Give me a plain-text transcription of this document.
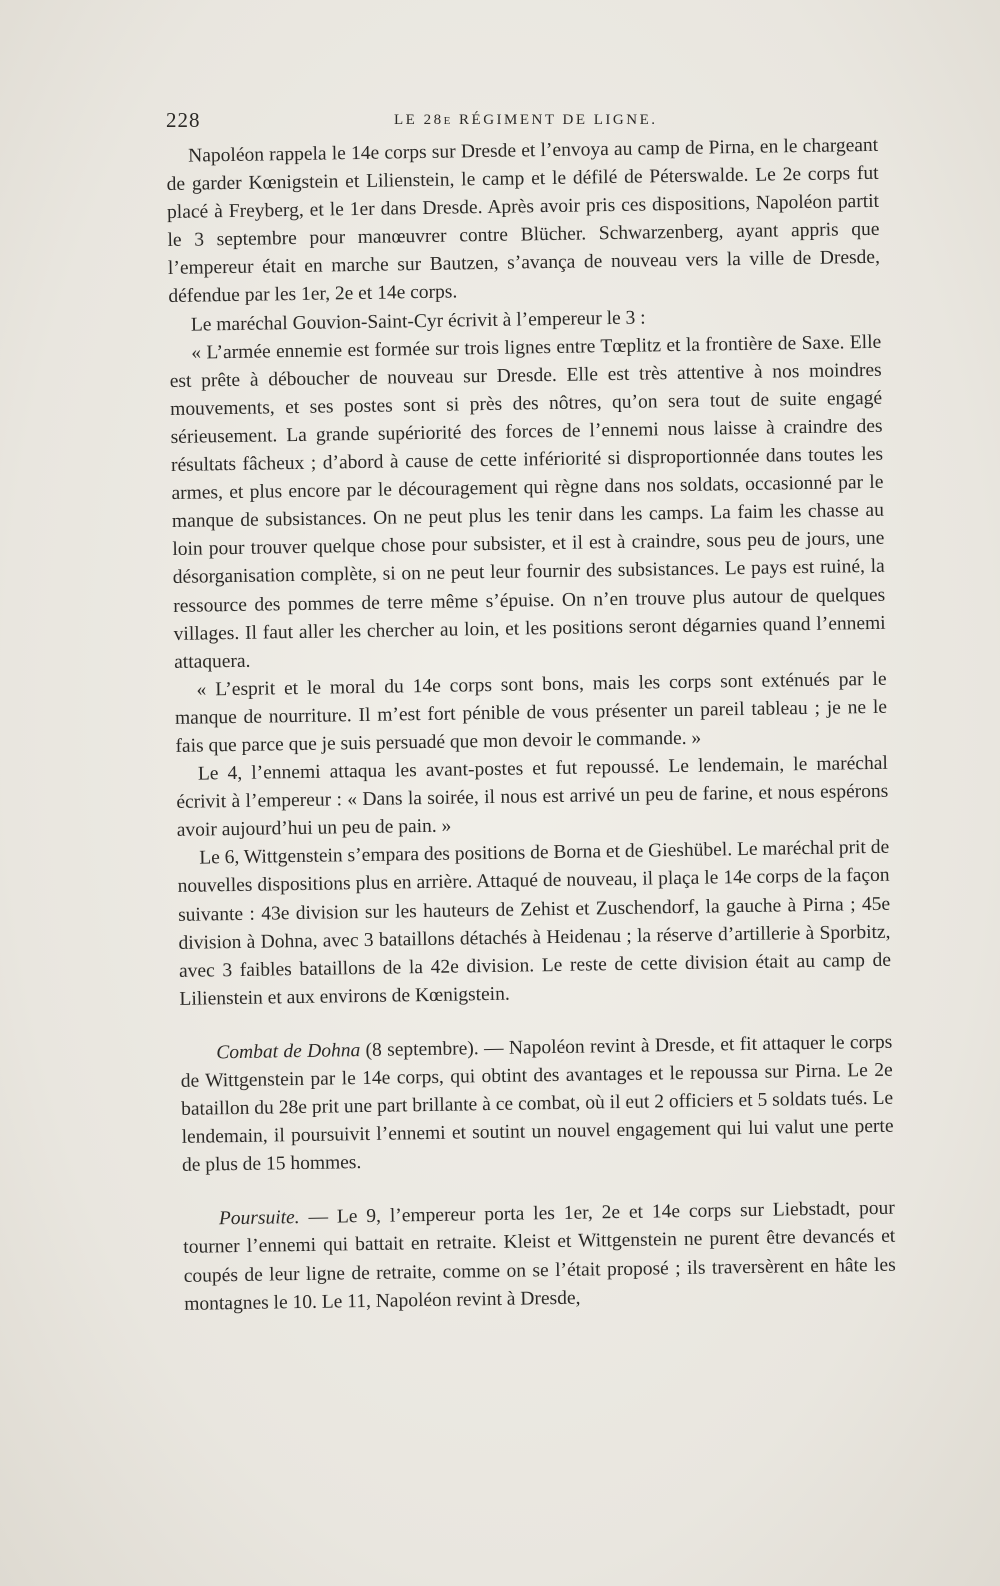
228	LE 28e RÉGIMENT DE LIGNE.

Napoléon rappela le 14e corps sur Dresde et l’envoya au camp de Pirna, en le chargeant de garder Kœnigstein et Lilienstein, le camp et le défilé de Péterswalde. Le 2e corps fut placé à Freyberg, et le 1er dans Dresde. Après avoir pris ces dispositions, Napoléon partit le 3 septembre pour manœuvrer contre Blücher. Schwarzenberg, ayant appris que l’empereur était en marche sur Bautzen, s’avança de nouveau vers la ville de Dresde, défendue par les 1er, 2e et 14e corps.

Le maréchal Gouvion-Saint-Cyr écrivit à l’empereur le 3 :

« L’armée ennemie est formée sur trois lignes entre Tœplitz et la frontière de Saxe. Elle est prête à déboucher de nouveau sur Dresde. Elle est très attentive à nos moindres mouvements, et ses postes sont si près des nôtres, qu’on sera tout de suite engagé sérieusement. La grande supériorité des forces de l’ennemi nous laisse à craindre des résultats fâcheux ; d’abord à cause de cette infériorité si disproportionnée dans toutes les armes, et plus encore par le découragement qui règne dans nos soldats, occasionné par le manque de subsistances. On ne peut plus les tenir dans les camps. La faim les chasse au loin pour trouver quelque chose pour subsister, et il est à craindre, sous peu de jours, une désorganisation complète, si on ne peut leur fournir des subsistances. Le pays est ruiné, la ressource des pommes de terre même s’épuise. On n’en trouve plus autour de quelques villages. Il faut aller les chercher au loin, et les positions seront dégarnies quand l’ennemi attaquera.

« L’esprit et le moral du 14e corps sont bons, mais les corps sont exténués par le manque de nourriture. Il m’est fort pénible de vous présenter un pareil tableau ; je ne le fais que parce que je suis persuadé que mon devoir le commande. »

Le 4, l’ennemi attaqua les avant-postes et fut repoussé. Le lendemain, le maréchal écrivit à l’empereur : « Dans la soirée, il nous est arrivé un peu de farine, et nous espérons avoir aujourd’hui un peu de pain. »

Le 6, Wittgenstein s’empara des positions de Borna et de Gieshübel. Le maréchal prit de nouvelles dispositions plus en arrière. Attaqué de nouveau, il plaça le 14e corps de la façon suivante : 43e division sur les hauteurs de Zehist et Zuschendorf, la gauche à Pirna ; 45e division à Dohna, avec 3 bataillons détachés à Heidenau ; la réserve d’artillerie à Sporbitz, avec 3 faibles bataillons de la 42e division. Le reste de cette division était au camp de Lilienstein et aux environs de Kœnigstein.

Combat de Dohna (8 septembre). — Napoléon revint à Dresde, et fit attaquer le corps de Wittgenstein par le 14e corps, qui obtint des avantages et le repoussa sur Pirna. Le 2e bataillon du 28e prit une part brillante à ce combat, où il eut 2 officiers et 5 soldats tués. Le lendemain, il poursuivit l’ennemi et soutint un nouvel engagement qui lui valut une perte de plus de 15 hommes.

Poursuite. — Le 9, l’empereur porta les 1er, 2e et 14e corps sur Liebstadt, pour tourner l’ennemi qui battait en retraite. Kleist et Wittgenstein ne purent être devancés et coupés de leur ligne de retraite, comme on se l’était proposé ; ils traversèrent en hâte les montagnes le 10. Le 11, Napoléon revint à Dresde,
